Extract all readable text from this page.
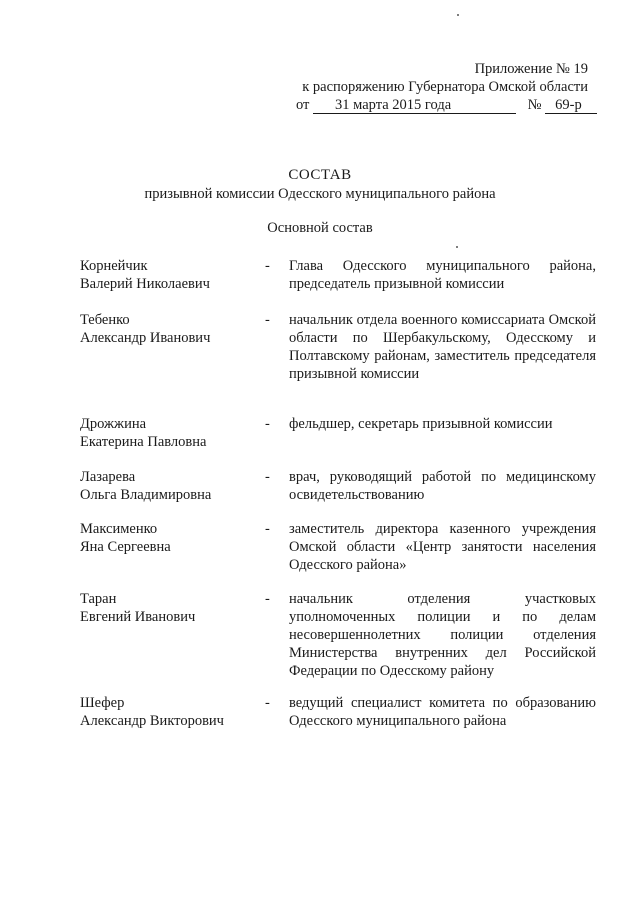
Приложение № 19
к распоряжению Губернатора Омской области
от 31 марта 2015 года	№ 69-р
СОСТАВ
призывной комиссии Одесского муниципального района
Основной состав
Корнейчик
Валерий Николаевич
-	Глава Одесского муниципального района, председатель призывной комиссии
Тебенко
Александр Иванович
-	начальник отдела военного комиссариата Омской области по Шербакульскому, Одесскому и Полтавскому районам, заместитель председателя призывной комиссии
Дрожжина
Екатерина Павловна
-	фельдшер, секретарь призывной комиссии
Лазарева
Ольга Владимировна
-	врач, руководящий работой по медицинскому освидетельствованию
Максименко
Яна Сергеевна
-	заместитель директора казенного учреждения Омской области «Центр занятости населения Одесского района»
Таран
Евгений Иванович
-	начальник отделения участковых уполномоченных полиции и по делам несовершеннолетних полиции отделения Министерства внутренних дел Российской Федерации по Одесскому району
Шефер
Александр Викторович
-	ведущий специалист комитета по образованию Одесского муниципального района
